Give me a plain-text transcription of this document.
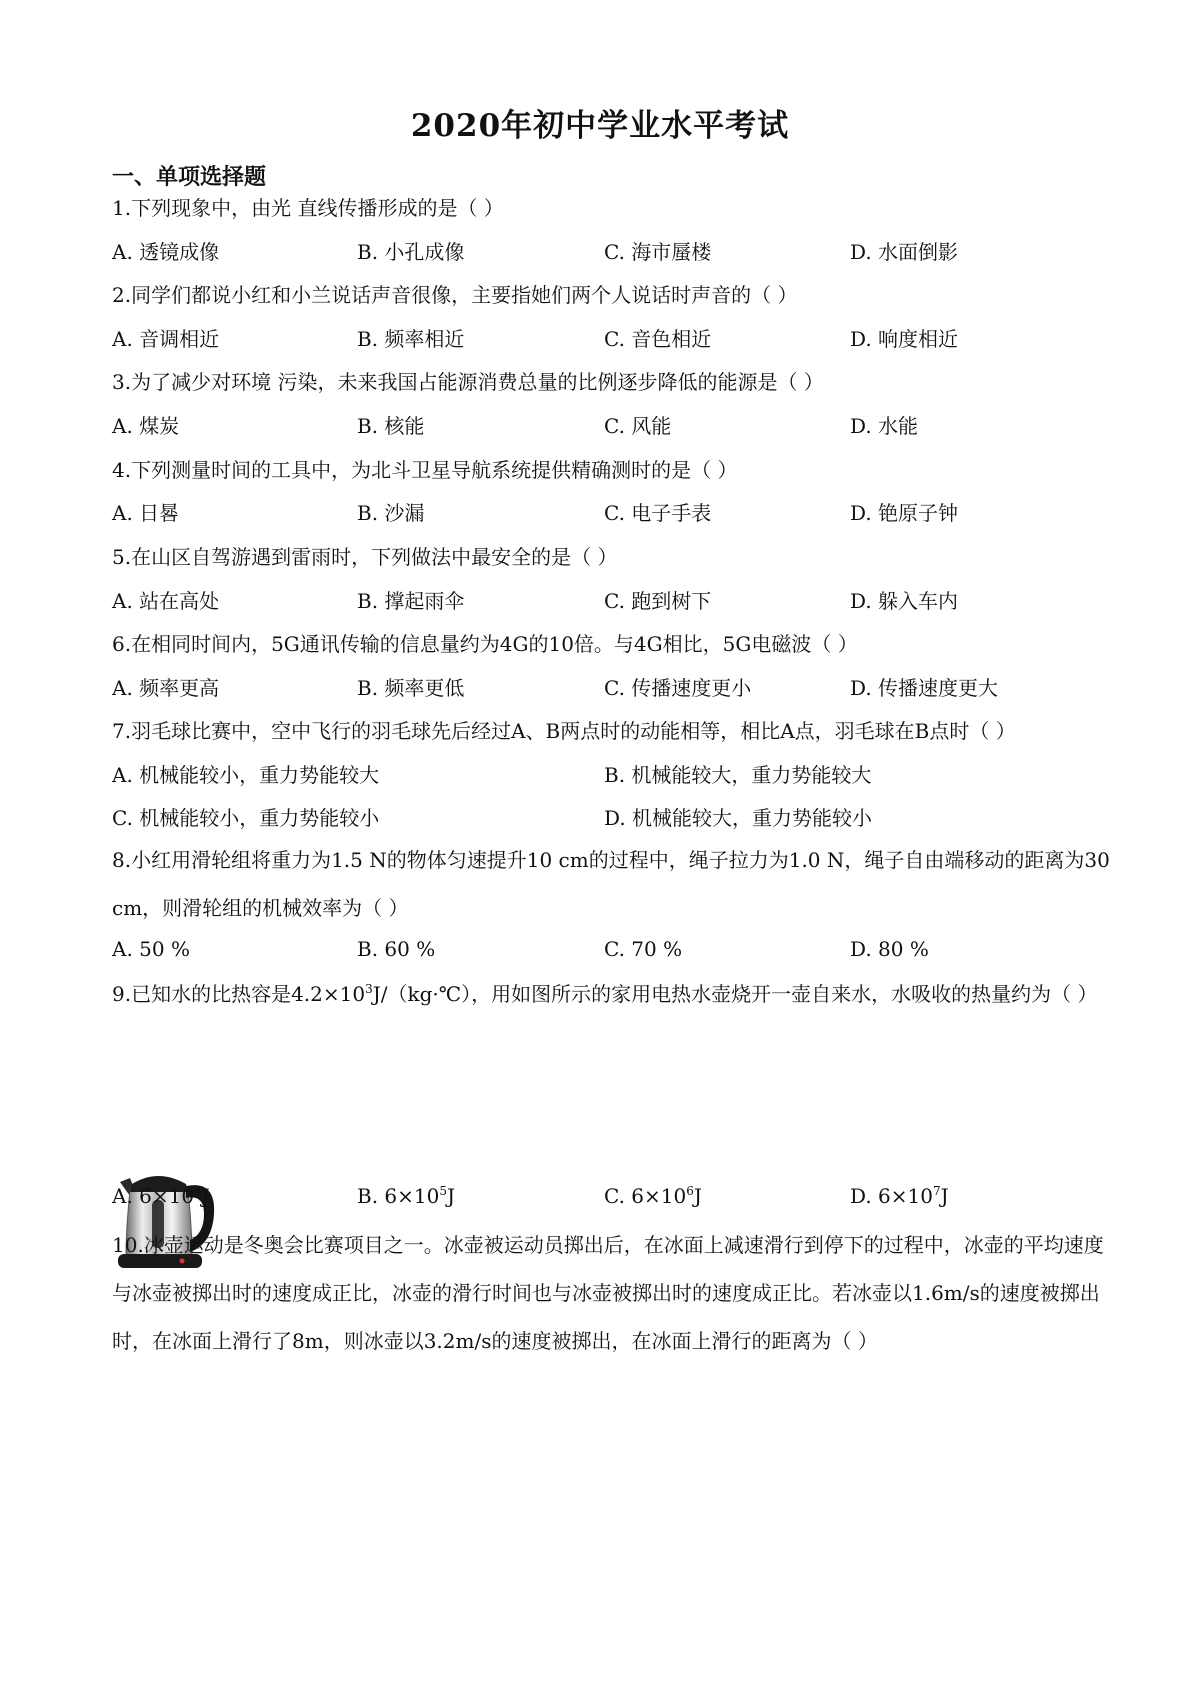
2020年初中学业水平考试
一、单项选择题
1.下列现象中，由光 直线传播形成的是（ ）
A. 透镜成像	B. 小孔成像	C. 海市蜃楼	D. 水面倒影
2.同学们都说小红和小兰说话声音很像，主要指她们两个人说话时声音的（ ）
A. 音调相近	B. 频率相近	C. 音色相近	D. 响度相近
3.为了减少对环境 污染，未来我国占能源消费总量的比例逐步降低的能源是（ ）
A. 煤炭	B. 核能	C. 风能	D. 水能
4.下列测量时间的工具中，为北斗卫星导航系统提供精确测时的是（ ）
A. 日晷	B. 沙漏	C. 电子手表	D. 铯原子钟
5.在山区自驾游遇到雷雨时，下列做法中最安全的是（ ）
A. 站在高处	B. 撑起雨伞	C. 跑到树下	D. 躲入车内
6.在相同时间内，5G通讯传输的信息量约为4G的10倍。与4G相比，5G电磁波（ ）
A. 频率更高	B. 频率更低	C. 传播速度更小	D. 传播速度更大
7.羽毛球比赛中，空中飞行的羽毛球先后经过A、B两点时的动能相等，相比A点，羽毛球在B点时（ ）
A. 机械能较小，重力势能较大	B. 机械能较大，重力势能较大
C. 机械能较小，重力势能较小	D. 机械能较大，重力势能较小
8.小红用滑轮组将重力为1.5 N的物体匀速提升10 cm的过程中，绳子拉力为1.0 N，绳子自由端移动的距离为30 cm，则滑轮组的机械效率为（ ）
A. 50 %	B. 60 %	C. 70 %	D. 80 %
9.已知水的比热容是$4.2\times 10^3J/(kg\cdot℃)$，用如图所示的家用电热水壶烧开一壶自来水，水吸收的热量约为（ ）
A. $6\times 10^4J$	B. $6\times 10^5J$	C. $6\times 10^6J$	D. $6\times 10^7J$
10.冰壶运动是冬奥会比赛项目之一。冰壶被运动员掷出后，在冰面上减速滑行到停下的过程中，冰壶的平均速度与冰壶被掷出时的速度成正比，冰壶的滑行时间也与冰壶被掷出时的速度成正比。若冰壶以1.6m/s的速度被掷出时，在冰面上滑行了8m，则冰壶以3.2m/s的速度被掷出，在冰面上滑行的距离为（ ）
